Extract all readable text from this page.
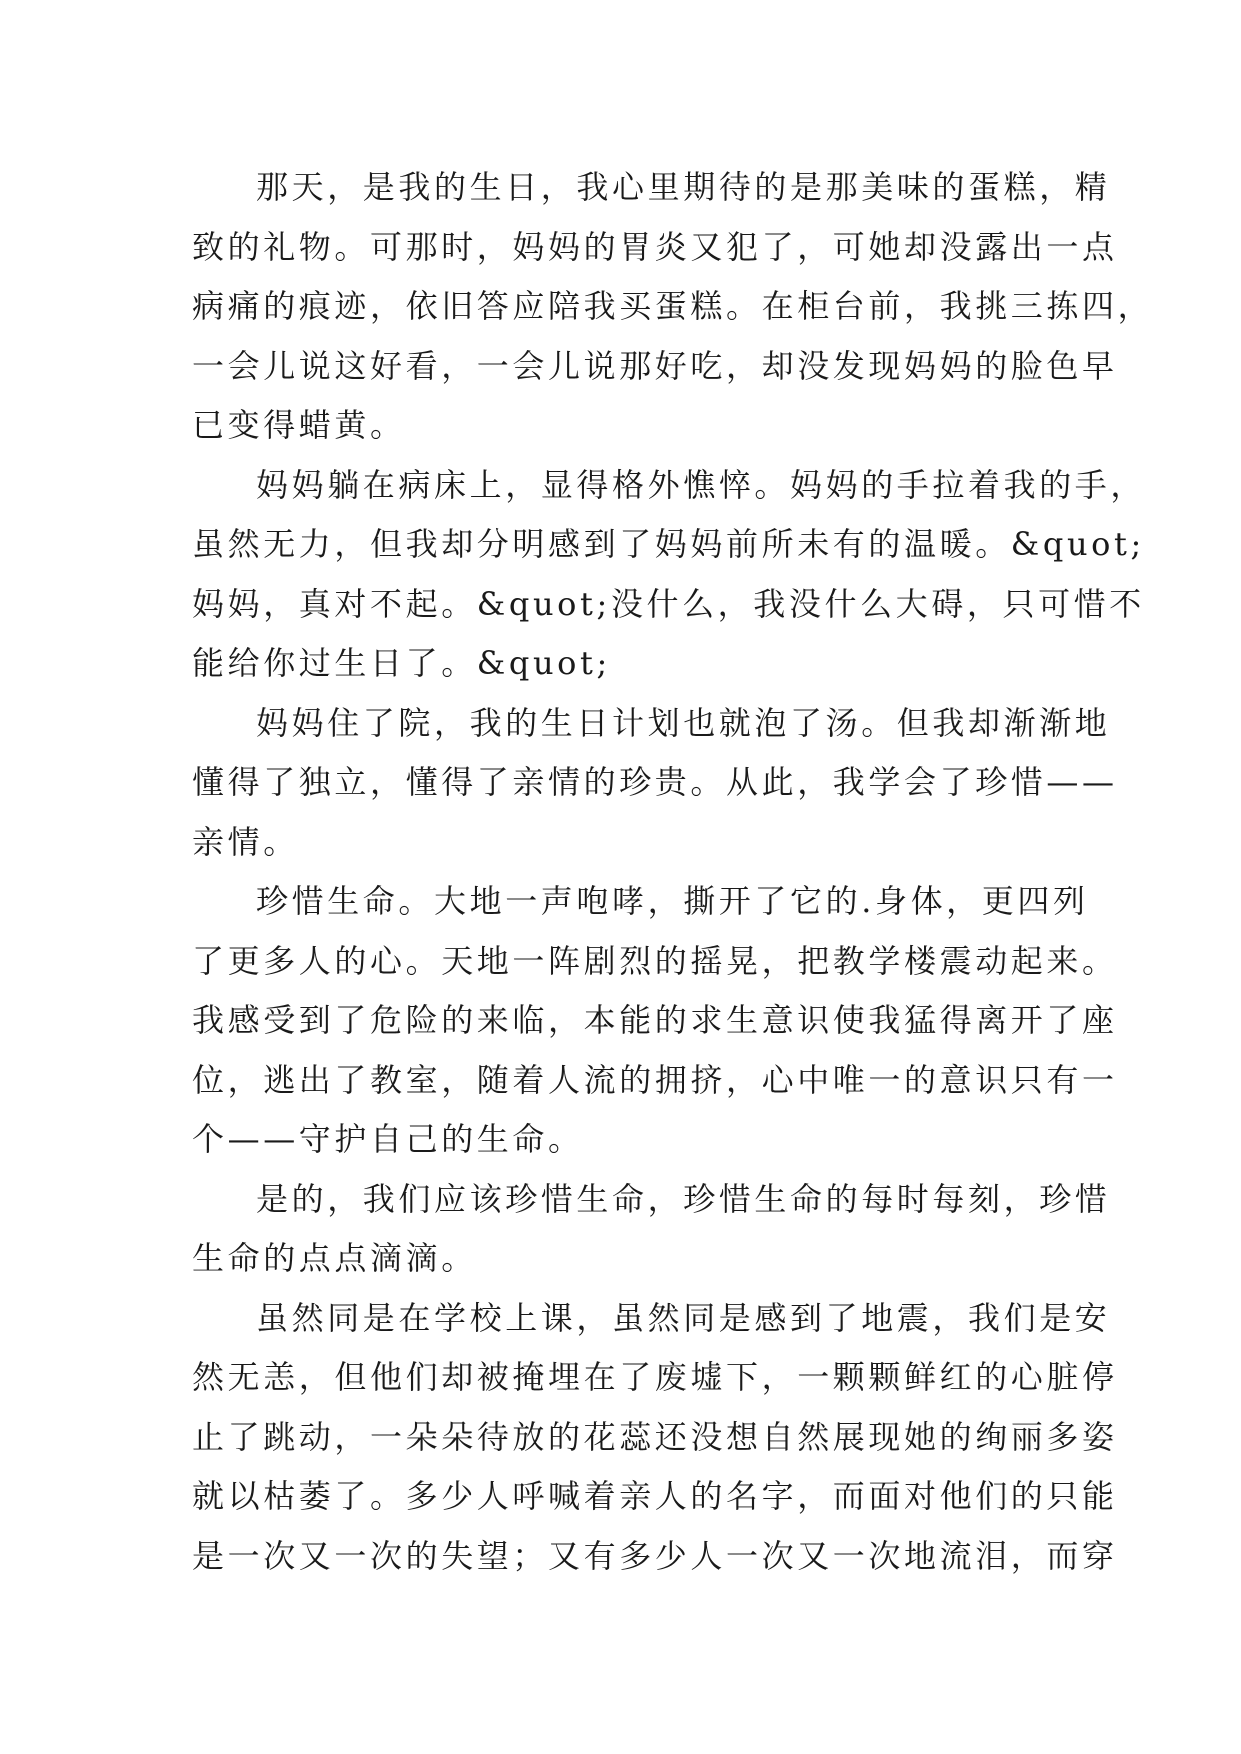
那天，是我的生日，我心里期待的是那美味的蛋糕，精
致的礼物。可那时，妈妈的胃炎又犯了，可她却没露出一点
病痛的痕迹，依旧答应陪我买蛋糕。在柜台前，我挑三拣四，
一会儿说这好看，一会儿说那好吃，却没发现妈妈的脸色早
已变得蜡黄。
妈妈躺在病床上，显得格外憔悴。妈妈的手拉着我的手，
虽然无力，但我却分明感到了妈妈前所未有的温暖。&quot;
妈妈，真对不起。&quot;没什么，我没什么大碍，只可惜不
能给你过生日了。&quot;
妈妈住了院，我的生日计划也就泡了汤。但我却渐渐地
懂得了独立，懂得了亲情的珍贵。从此，我学会了珍惜——
亲情。
珍惜生命。大地一声咆哮，撕开了它的.身体，更四列
了更多人的心。天地一阵剧烈的摇晃，把教学楼震动起来。
我感受到了危险的来临，本能的求生意识使我猛得离开了座
位，逃出了教室，随着人流的拥挤，心中唯一的意识只有一
个——守护自己的生命。
是的，我们应该珍惜生命，珍惜生命的每时每刻，珍惜
生命的点点滴滴。
虽然同是在学校上课，虽然同是感到了地震，我们是安
然无恙，但他们却被掩埋在了废墟下，一颗颗鲜红的心脏停
止了跳动，一朵朵待放的花蕊还没想自然展现她的绚丽多姿
就以枯萎了。多少人呼喊着亲人的名字，而面对他们的只能
是一次又一次的失望；又有多少人一次又一次地流泪，而穿
